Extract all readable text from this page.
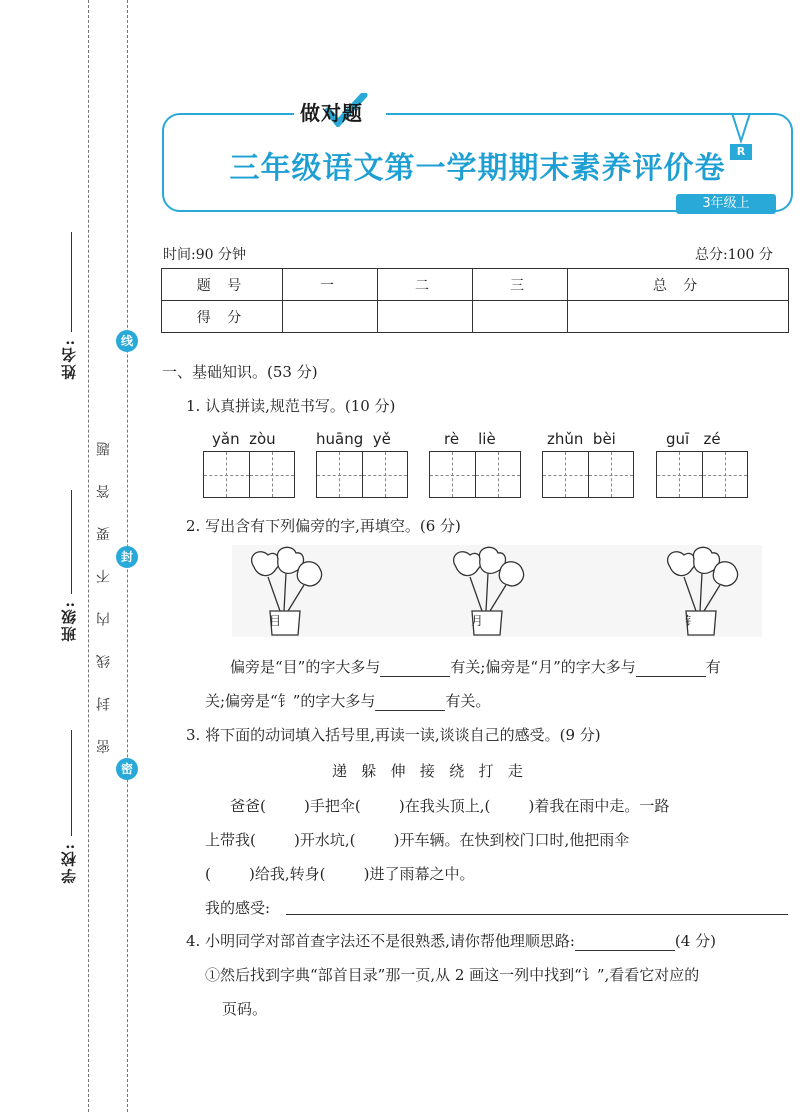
姓名:
班级:
学校:
线
封
密
密 封 线 内 不 要 答 题
三年级语文第一学期期末素养评价卷
做对题
R
3年级上
时间:90 分钟	总分:100 分
题 号	一	二	三	总 分
得 分				
一、基础知识。(53 分)
1. 认真拼读,规范书写。(10 分)
yǎn  zòu	huāng  yě	rè    liè	zhǔn  bèi	guī   zé
2. 写出含有下列偏旁的字,再填空。(6 分)
目	月	钅
偏旁是“目”的字大多与	有关;偏旁是“月”的字大多与	有
关;偏旁是“钅”的字大多与	有关。
3. 将下面的动词填入括号里,再读一读,谈谈自己的感受。(9 分)
递   躲   伸   接   绕   打   走
爸爸(        )手把伞(        )在我头顶上,(        )着我在雨中走。一路
上带我(        )开水坑,(        )开车辆。在快到校门口时,他把雨伞
(        )给我,转身(        )进了雨幕之中。
我的感受:
4. 小明同学对部首查字法还不是很熟悉,请你帮他理顺思路:	(4 分)
①然后找到字典“部首目录”那一页,从 2 画这一列中找到“讠”,看看它对应的
页码。
